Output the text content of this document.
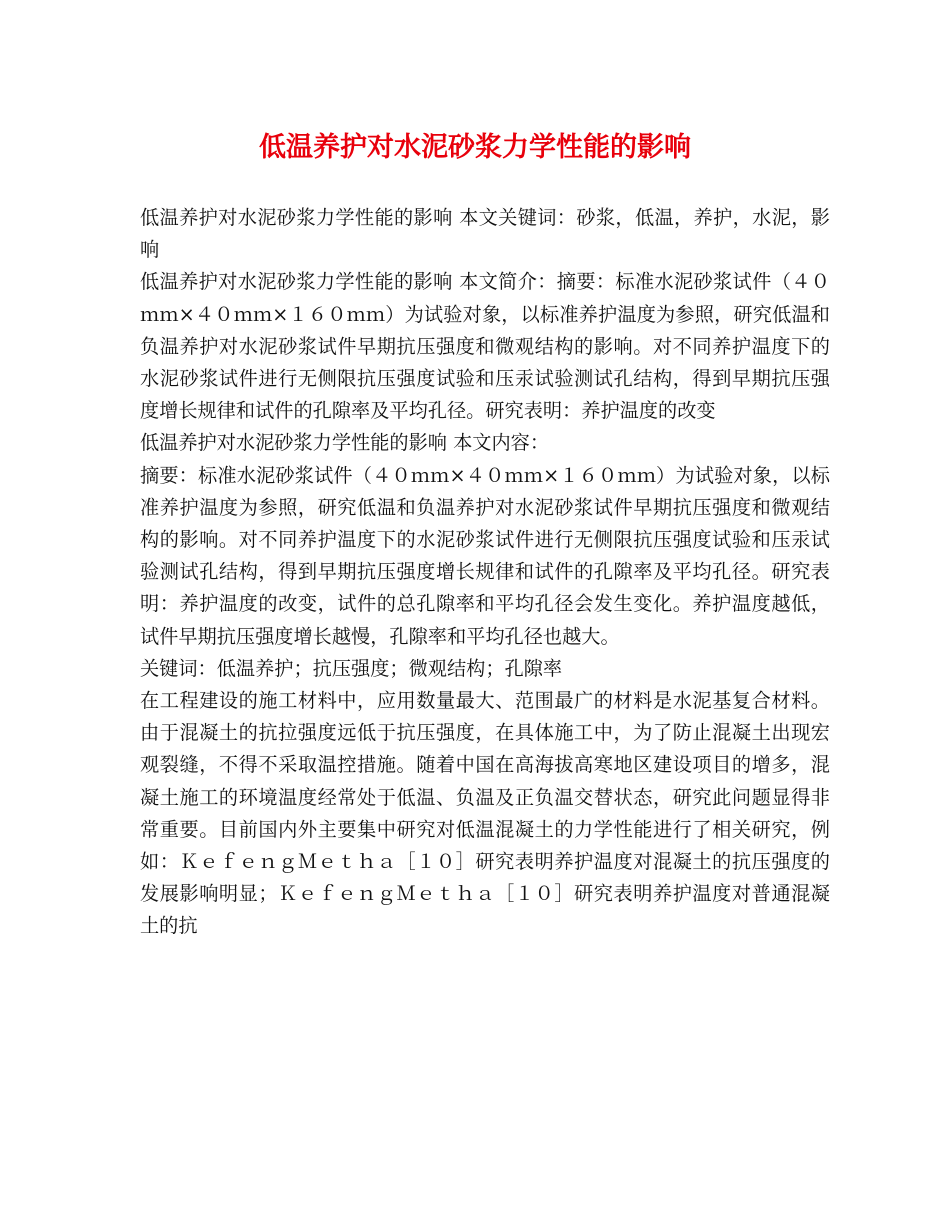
低温养护对水泥砂浆力学性能的影响

低温养护对水泥砂浆力学性能的影响 本文关键词：砂浆，低温，养护，水泥，影响

低温养护对水泥砂浆力学性能的影响 本文简介：摘要：标准水泥砂浆试件（４０ｍｍ×４０ｍｍ×１６０ｍｍ）为试验对象，以标准养护温度为参照，研究低温和负温养护对水泥砂浆试件早期抗压强度和微观结构的影响。对不同养护温度下的水泥砂浆试件进行无侧限抗压强度试验和压汞试验测试孔结构，得到早期抗压强度增长规律和试件的孔隙率及平均孔径。研究表明：养护温度的改变

低温养护对水泥砂浆力学性能的影响 本文内容：

摘要：标准水泥砂浆试件（４０ｍｍ×４０ｍｍ×１６０ｍｍ）为试验对象，以标准养护温度为参照，研究低温和负温养护对水泥砂浆试件早期抗压强度和微观结构的影响。对不同养护温度下的水泥砂浆试件进行无侧限抗压强度试验和压汞试验测试孔结构，得到早期抗压强度增长规律和试件的孔隙率及平均孔径。研究表明：养护温度的改变，试件的总孔隙率和平均孔径会发生变化。养护温度越低，试件早期抗压强度增长越慢，孔隙率和平均孔径也越大。

关键词：低温养护；抗压强度；微观结构；孔隙率

在工程建设的施工材料中，应用数量最大、范围最广的材料是水泥基复合材料。由于混凝土的抗拉强度远低于抗压强度，在具体施工中，为了防止混凝土出现宏观裂缝，不得不采取温控措施。随着中国在高海拔高寒地区建设项目的增多，混凝土施工的环境温度经常处于低温、负温及正负温交替状态，研究此问题显得非常重要。目前国内外主要集中研究对低温混凝土的力学性能进行了相关研究，例如：ＫｅｆｅｎｇＭｅｔｈａ［１０］研究表明养护温度对混凝土的抗压强度的发展影响明显；ＫｅｆｅｎｇＭｅｔｈａ［１０］研究表明养护温度对普通混凝土的抗
